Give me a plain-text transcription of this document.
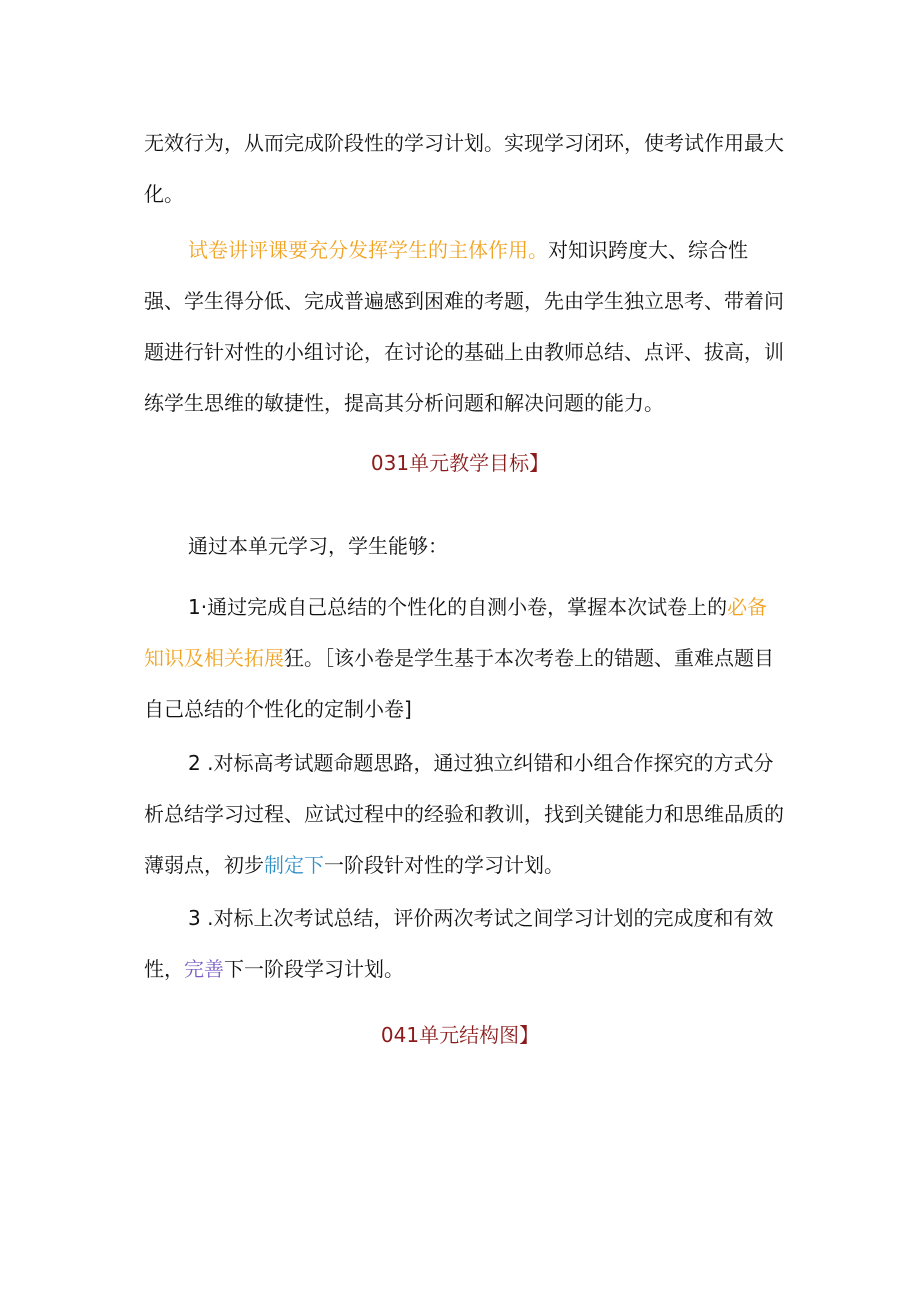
无效行为，从而完成阶段性的学习计划。实现学习闭环，使考试作用最大化。

试卷讲评课要充分发挥学生的主体作用。对知识跨度大、综合性强、学生得分低、完成普遍感到困难的考题，先由学生独立思考、带着问题进行针对性的小组讨论，在讨论的基础上由教师总结、点评、拔高，训练学生思维的敏捷性，提高其分析问题和解决问题的能力。

031单元教学目标】

通过本单元学习，学生能够：

1·通过完成自己总结的个性化的自测小卷，掌握本次试卷上的必备知识及相关拓展狂。［该小卷是学生基于本次考卷上的错题、重难点题目自己总结的个性化的定制小卷]

2 .对标高考试题命题思路，通过独立纠错和小组合作探究的方式分析总结学习过程、应试过程中的经验和教训，找到关键能力和思维品质的薄弱点，初步制定下一阶段针对性的学习计划。

3 .对标上次考试总结，评价两次考试之间学习计划的完成度和有效性，完善下一阶段学习计划。

041单元结构图】
